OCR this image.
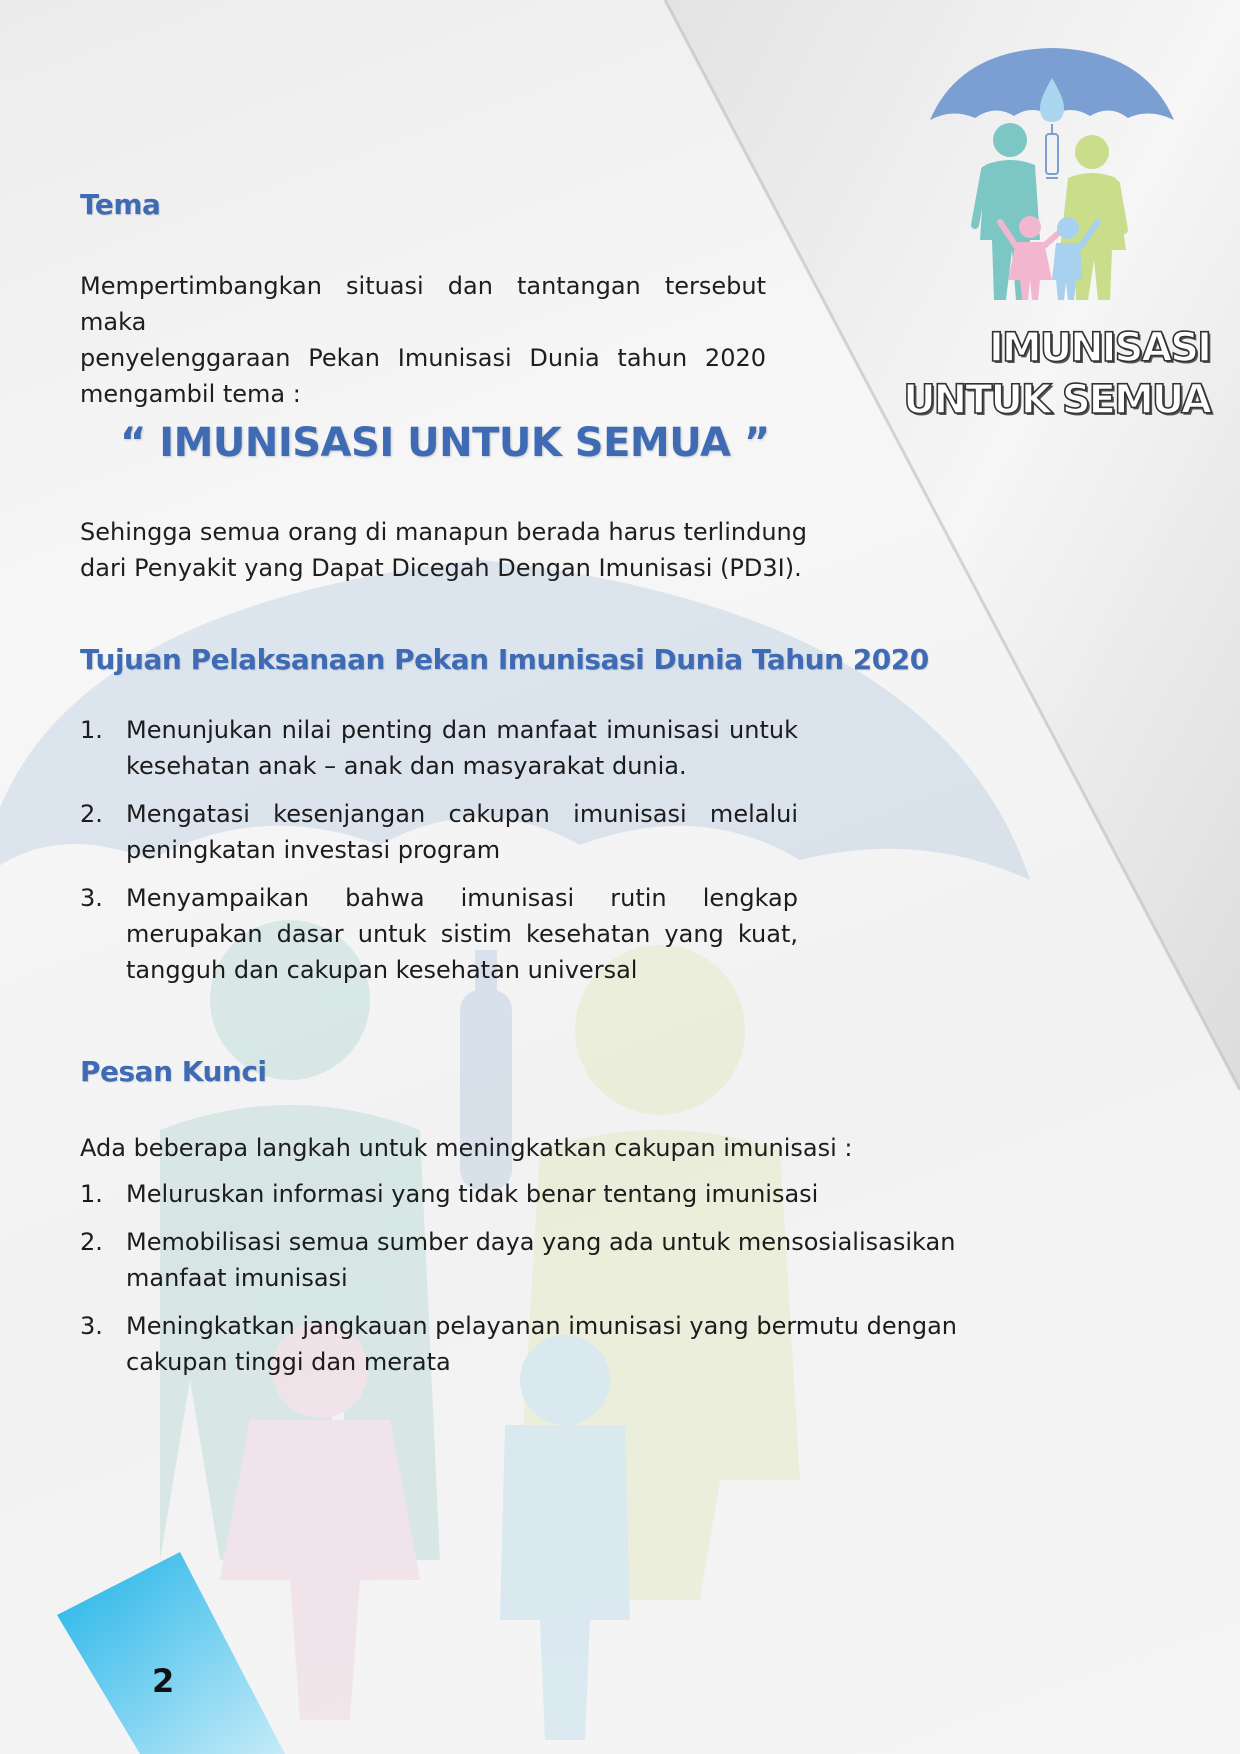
IMUNISASI
UNTUK SEMUA
Tema
Mempertimbangkan situasi dan tantangan tersebut maka
penyelenggaraan Pekan Imunisasi Dunia tahun 2020
mengambil tema :

“ IMUNISASI UNTUK SEMUA ”

Sehingga semua orang di manapun berada harus terlindung
dari Penyakit yang Dapat Dicegah Dengan Imunisasi (PD3I).
Tujuan Pelaksanaan Pekan Imunisasi Dunia Tahun 2020
1. Menunjukan nilai penting dan manfaat imunisasi untuk
kesehatan anak – anak dan masyarakat dunia.
2. Mengatasi kesenjangan cakupan imunisasi melalui
peningkatan investasi program
3. Menyampaikan bahwa imunisasi rutin lengkap
merupakan dasar untuk sistim kesehatan yang kuat,
tangguh dan cakupan kesehatan universal
Pesan Kunci
Ada beberapa langkah untuk meningkatkan cakupan imunisasi :
1. Meluruskan informasi yang tidak benar tentang imunisasi
2. Memobilisasi semua sumber daya yang ada untuk mensosialisasikan
manfaat imunisasi
3. Meningkatkan jangkauan pelayanan imunisasi yang bermutu dengan
cakupan tinggi dan merata
2
